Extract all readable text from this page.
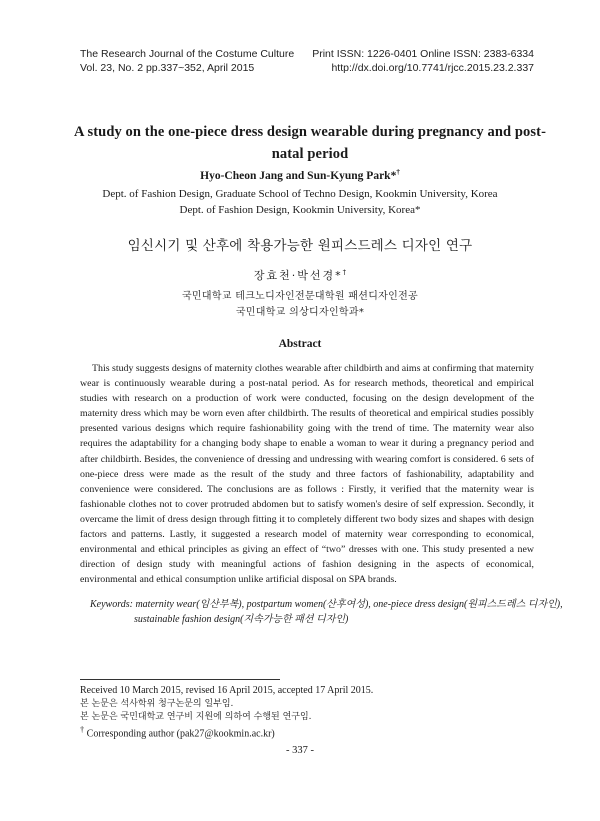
The Research Journal of the Costume Culture
Vol. 23, No. 2 pp.337~352, April 2015
Print ISSN: 1226-0401 Online ISSN: 2383-6334
http://dx.doi.org/10.7741/rjcc.2015.23.2.337
A study on the one-piece dress design wearable during pregnancy and post-natal period
Hyo-Cheon Jang and Sun-Kyung Park*†
Dept. of Fashion Design, Graduate School of Techno Design, Kookmin University, Korea
Dept. of Fashion Design, Kookmin University, Korea*
임신시기 및 산후에 착용가능한 원피스드레스 디자인 연구
장효천·박선경*†
국민대학교 테크노디자인전문대학원 패션디자인전공
국민대학교 의상디자인학과*
Abstract

This study suggests designs of maternity clothes wearable after childbirth and aims at confirming that maternity wear is continuously wearable during a post-natal period. As for research methods, theoretical and empirical studies with research on a production of work were conducted, focusing on the design development of the maternity dress which may be worn even after childbirth. The results of theoretical and empirical studies possibly presented various designs which require fashionability going with the trend of time. The maternity wear also requires the adaptability for a changing body shape to enable a woman to wear it during a pregnancy period and after childbirth. Besides, the convenience of dressing and undressing with wearing comfort is considered. 6 sets of one-piece dress were made as the result of the study and three factors of fashionability, adaptability and convenience were considered. The conclusions are as follows : Firstly, it verified that the maternity wear is fashionable clothes not to cover protruded abdomen but to satisfy women's desire of self expression. Secondly, it overcame the limit of dress design through fitting it to completely different two body sizes and shapes with design factors and patterns. Lastly, it suggested a research model of maternity wear corresponding to economical, environmental and ethical principles as giving an effect of “two” dresses with one. This study presented a new direction of design study with meaningful actions of fashion designing in the aspects of economical, environmental and ethical consumption unlike artificial disposal on SPA brands.

Keywords: maternity wear(임산부복), postpartum women(산후여성), one-piece dress design(원피스드레스 디자인), sustainable fashion design(지속가능한 패션 디자인)
Received 10 March 2015, revised 16 April 2015, accepted 17 April 2015.
본 논문은 석사학위 청구논문의 일부임.
본 논문은 국민대학교 연구비 지원에 의하여 수행된 연구임.
† Corresponding author (pak27@kookmin.ac.kr)
- 337 -
